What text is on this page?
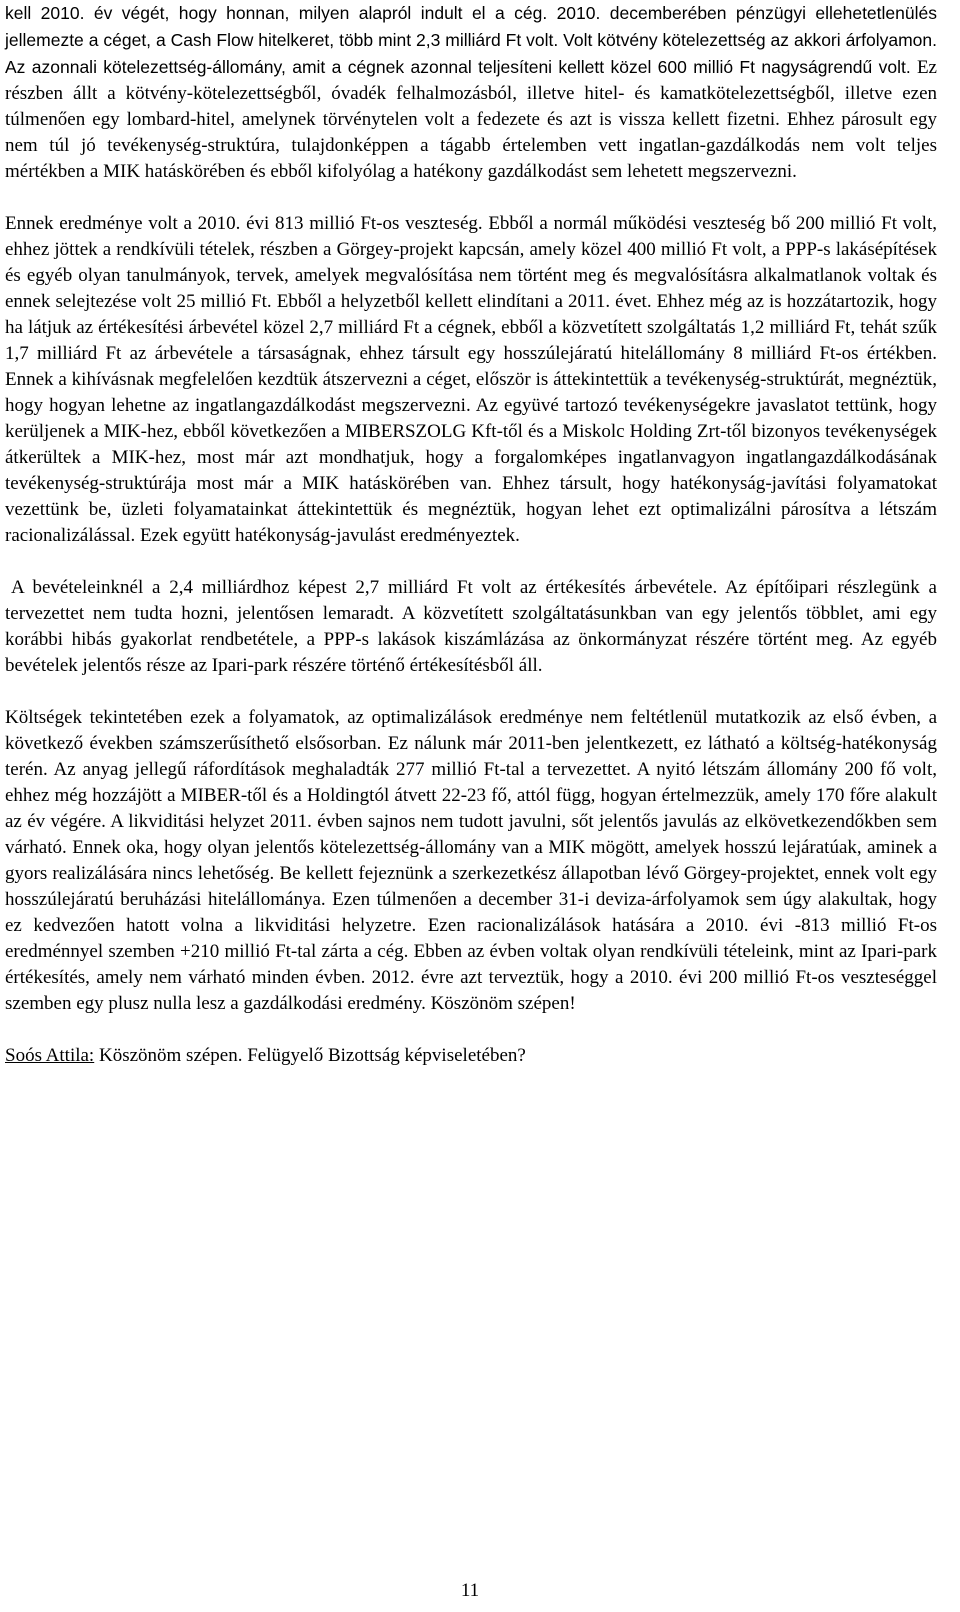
kell 2010. év végét, hogy honnan, milyen alapról indult el a cég. 2010. decemberében pénzügyi ellehetetlenülés jellemezte a céget, a Cash Flow hitelkeret, több mint 2,3 milliárd Ft volt. Volt kötvény kötelezettség az akkori árfolyamon. Az azonnali kötelezettség-állomány, amit a cégnek azonnal teljesíteni kellett közel 600 millió Ft nagyságrendű volt. Ez részben állt a kötvény-kötelezettségből, óvadék felhalmozásból, illetve hitel- és kamatkötelezettségből, illetve ezen túlmenően egy lombard-hitel, amelynek törvénytelen volt a fedezete és azt is vissza kellett fizetni. Ehhez párosult egy nem túl jó tevékenység-struktúra, tulajdonképpen a tágabb értelemben vett ingatlan-gazdálkodás nem volt teljes mértékben a MIK hatáskörében és ebből kifolyólag a hatékony gazdálkodást sem lehetett megszervezni.

Ennek eredménye volt a 2010. évi 813 millió Ft-os veszteség. Ebből a normál működési veszteség bő 200 millió Ft volt, ehhez jöttek a rendkívüli tételek, részben a Görgey-projekt kapcsán, amely közel 400 millió Ft volt, a PPP-s lakásépítések és egyéb olyan tanulmányok, tervek, amelyek megvalósítása nem történt meg és megvalósításra alkalmatlanok voltak és ennek selejtezése volt 25 millió Ft. Ebből a helyzetből kellett elindítani a 2011. évet. Ehhez még az is hozzátartozik, hogy ha látjuk az értékesítési árbevétel közel 2,7 milliárd Ft a cégnek, ebből a közvetített szolgáltatás 1,2 milliárd Ft, tehát szűk 1,7 milliárd Ft az árbevétele a társaságnak, ehhez társult egy hosszúlejáratú hitelállomány 8 milliárd Ft-os értékben. Ennek a kihívásnak megfelelően kezdtük átszervezni a céget, először is áttekintettük a tevékenység-struktúrát, megnéztük, hogy hogyan lehetne az ingatlangazdálkodást megszervezni. Az együvé tartozó tevékenységekre javaslatot tettünk, hogy kerüljenek a MIK-hez, ebből következően a MIBERSZOLG Kft-től és a Miskolc Holding Zrt-től bizonyos tevékenységek átkerültek a MIK-hez, most már azt mondhatjuk, hogy a forgalomképes ingatlanvagyon ingatlangazdálkodásának tevékenység-struktúrája most már a MIK hatáskörében van. Ehhez társult, hogy hatékonyság-javítási folyamatokat vezettünk be, üzleti folyamatainkat áttekintettük és megnéztük, hogyan lehet ezt optimalizálni párosítva a létszám racionalizálással. Ezek együtt hatékonyság-javulást eredményeztek.

A bevételeinknél a 2,4 milliárdhoz képest 2,7 milliárd Ft volt az értékesítés árbevétele. Az építőipari részlegünk a tervezettet nem tudta hozni, jelentősen lemaradt. A közvetített szolgáltatásunkban van egy jelentős többlet, ami egy korábbi hibás gyakorlat rendbetétele, a PPP-s lakások kiszámlázása az önkormányzat részére történt meg. Az egyéb bevételek jelentős része az Ipari-park részére történő értékesítésből áll.

Költségek tekintetében ezek a folyamatok, az optimalizálások eredménye nem feltétlenül mutatkozik az első évben, a következő években számszerűsíthető elsősorban. Ez nálunk már 2011-ben jelentkezett, ez látható a költség-hatékonyság terén. Az anyag jellegű ráfordítások meghaladták 277 millió Ft-tal a tervezettet. A nyitó létszám állomány 200 fő volt, ehhez még hozzájött a MIBER-től és a Holdingtól átvett 22-23 fő, attól függ, hogyan értelmezzük, amely 170 főre alakult az év végére. A likviditási helyzet 2011. évben sajnos nem tudott javulni, sőt jelentős javulás az elkövetkezendőkben sem várható. Ennek oka, hogy olyan jelentős kötelezettség-állomány van a MIK mögött, amelyek hosszú lejáratúak, aminek a gyors realizálására nincs lehetőség. Be kellett fejeznünk a szerkezetkész állapotban lévő Görgey-projektet, ennek volt egy hosszúlejáratú beruházási hitelállománya. Ezen túlmenően a december 31-i deviza-árfolyamok sem úgy alakultak, hogy ez kedvezően hatott volna a likviditási helyzetre. Ezen racionalizálások hatására a 2010. évi -813 millió Ft-os eredménnyel szemben +210 millió Ft-tal zárta a cég. Ebben az évben voltak olyan rendkívüli tételeink, mint az Ipari-park értékesítés, amely nem várható minden évben. 2012. évre azt terveztük, hogy a 2010. évi 200 millió Ft-os veszteséggel szemben egy plusz nulla lesz a gazdálkodási eredmény. Köszönöm szépen!

Soós Attila: Köszönöm szépen. Felügyelő Bizottság képviseletében?

11
